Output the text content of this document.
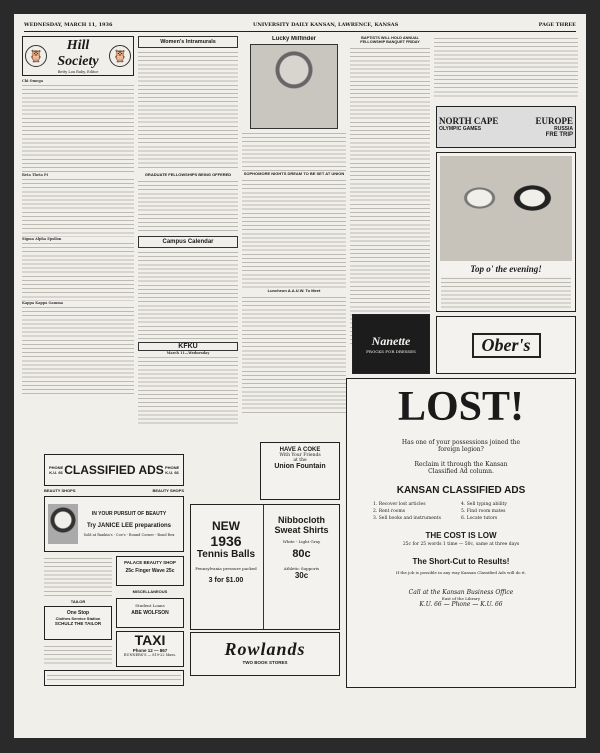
WEDNESDAY, MARCH 11, 1936	UNIVERSITY DAILY KANSAN, LAWRENCE, KANSAS	PAGE THREE
🦉
Hill Society
Betty Lou Ruby, Editor
🦉
Chi Omega
Beta Theta Pi
Sigma Alpha Epsilon
Kappa Kappa Gamma
Women's Intramurals
GRADUATE FELLOWSHIPS BEING OFFERED
Campus Calendar
KFKU
March 11—Wednesday
Lucky Milfinder
SOPHOMORE NIGHTS DREAM TO BE SET AT UNION
Luncheon A.A.U.W. To Meet
BAPTISTS WILL HOLD ANNUAL FELLOWSHIP BANQUET FRIDAY
NORTH CAPE	EUROPE
OLYMPIC GAMES	RUSSIA
FRE TRIP
Top o' the evening!
Nanette
FROCKS FOR DRESSES	Ober's
PHONE K.U. 66 CLASSIFIED ADS PHONE K.U. 66
BEAUTY SHOPS	BEAUTY SHOPS
IN YOUR PURSUIT OF BEAUTY
Try JANICE LEE preparations
Sold at Rankin's - Coe's - Round Corner - Bond Rex
PALACE BEAUTY SHOP
25c Finger Wave 25c
MISCELLANEOUS
TAILOR
One Stop
Clothes Service Station
SCHULZ THE TAILOR
Student Loans
ABE WOLFSON
TAXI
Phone 12 — 867
RUNNERS'S — 819-22 Mass.
HAVE A COKE
With Your Friends
at the
Union Fountain
NEW
1936
Tennis Balls
Pennsylvania pressure packed
3 for $1.00
Nibbocloth
Sweat Shirts
White - Light Gray
80c
Athletic Supports
30c
Rowlands
TWO BOOK STORES
LOST!
Has one of your possessions joined the
foreign legion?
Reclaim it through the Kansan
Classified Ad column.
KANSAN CLASSIFIED ADS
1. Recover lost articles	4. Sell typing ability
2. Rent rooms	5. Find room mates
3. Sell books and instruments	6. Locate tutors
THE COST IS LOW
25c for 25 words 1 time — 50c, same at three days
The Short-Cut to Results!
If the job is possible in any way Kansan Classified Ads will do it.
Call at the Kansan Business Office
East of the Library
K.U. 66 — Phone — K.U. 66
